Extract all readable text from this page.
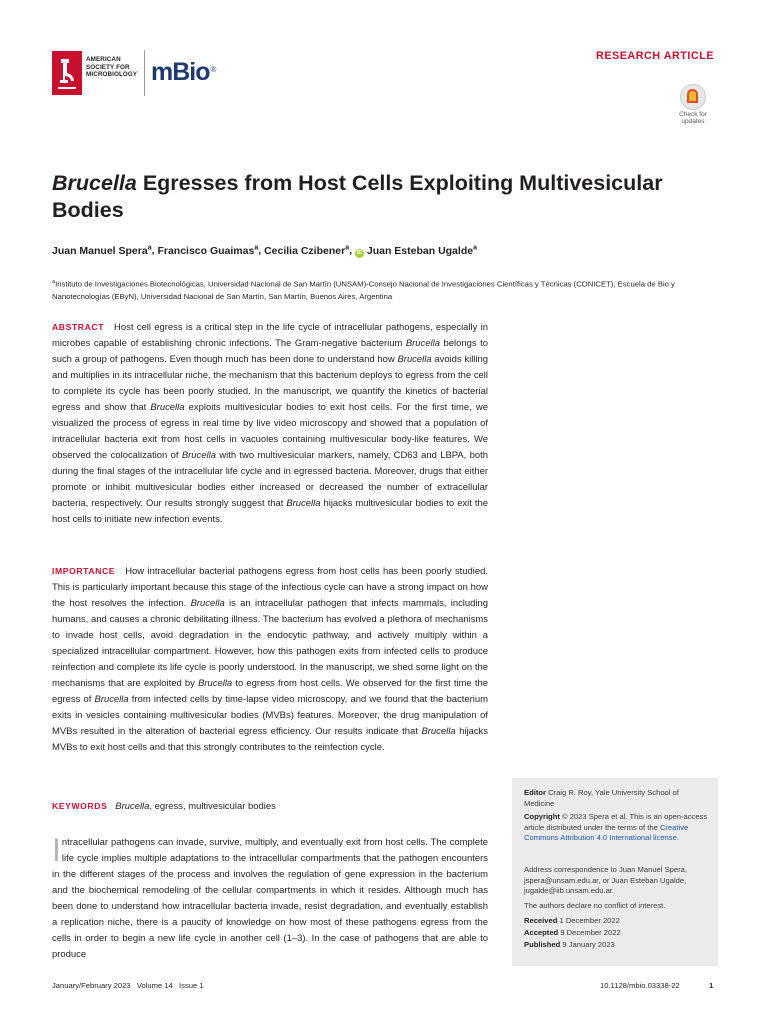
AMERICAN
SOCIETY FOR
MICROBIOLOGY mBio®
RESEARCH ARTICLE
Check for
updates
Brucella Egresses from Host Cells Exploiting Multivesicular Bodies
Juan Manuel Spera$^a$, Francisco Guaimas$^a$, Cecilia Czibener$^a$, iD Juan Esteban Ugalde$^a$
$^a$Instituto de Investigaciones Biotecnológicas, Universidad Nacional de San Martín (UNSAM)-Consejo Nacional de Investigaciones Científicas y Técnicas (CONICET), Escuela de Bio y Nanotecnologías (EByN), Universidad Nacional de San Martín, San Martín, Buenos Aires, Argentina
ABSTRACT Host cell egress is a critical step in the life cycle of intracellular pathogens, especially in microbes capable of establishing chronic infections. The Gram-negative bacterium Brucella belongs to such a group of pathogens. Even though much has been done to understand how Brucella avoids killing and multiplies in its intracellular niche, the mechanism that this bacterium deploys to egress from the cell to complete its cycle has been poorly studied. In the manuscript, we quantify the kinetics of bacterial egress and show that Brucella exploits multivesicular bodies to exit host cells. For the first time, we visualized the process of egress in real time by live video microscopy and showed that a population of intracellular bacteria exit from host cells in vacuoles containing multivesicular body-like features. We observed the colocalization of Brucella with two multivesicular markers, namely, CD63 and LBPA, both during the final stages of the intracellular life cycle and in egressed bacteria. Moreover, drugs that either promote or inhibit multivesicular bodies either increased or decreased the number of extracellular bacteria, respectively. Our results strongly suggest that Brucella hijacks multivesicular bodies to exit the host cells to initiate new infection events.
IMPORTANCE How intracellular bacterial pathogens egress from host cells has been poorly studied. This is particularly important because this stage of the infectious cycle can have a strong impact on how the host resolves the infection. Brucella is an intracellular pathogen that infects mammals, including humans, and causes a chronic debilitating illness. The bacterium has evolved a plethora of mechanisms to invade host cells, avoid degradation in the endocytic pathway, and actively multiply within a specialized intracellular compartment. However, how this pathogen exits from infected cells to produce reinfection and complete its life cycle is poorly understood. In the manuscript, we shed some light on the mechanisms that are exploited by Brucella to egress from host cells. We observed for the first time the egress of Brucella from infected cells by time-lapse video microscopy, and we found that the bacterium exits in vesicles containing multivesicular bodies (MVBs) features. Moreover, the drug manipulation of MVBs resulted in the alteration of bacterial egress efficiency. Our results indicate that Brucella hijacks MVBs to exit host cells and that this strongly contributes to the reinfection cycle.
KEYWORDS Brucella, egress, multivesicular bodies
Intracellular pathogens can invade, survive, multiply, and eventually exit from host cells. The complete life cycle implies multiple adaptations to the intracellular compartments that the pathogen encounters in the different stages of the process and involves the regulation of gene expression in the bacterium and the biochemical remodeling of the cellular compartments in which it resides. Although much has been done to understand how intracellular bacteria invade, resist degradation, and eventually establish a replication niche, there is a paucity of knowledge on how most of these pathogens egress from the cells in order to begin a new life cycle in another cell (1–3). In the case of pathogens that are able to produce
Editor Craig R. Roy, Yale University School of Medicine
Copyright © 2023 Spera et al. This is an open-access article distributed under the terms of the Creative Commons Attribution 4.0 International license.
Address correspondence to Juan Manuel Spera, jspera@unsam.edu.ar, or Juan Esteban Ugalde, jugalde@iib.unsam.edu.ar.
The authors declare no conflict of interest.
Received 1 December 2022
Accepted 9 December 2022
Published 9 January 2023
January/February 2023   Volume 14   Issue 1	10.1128/mbio.03338-22	1
